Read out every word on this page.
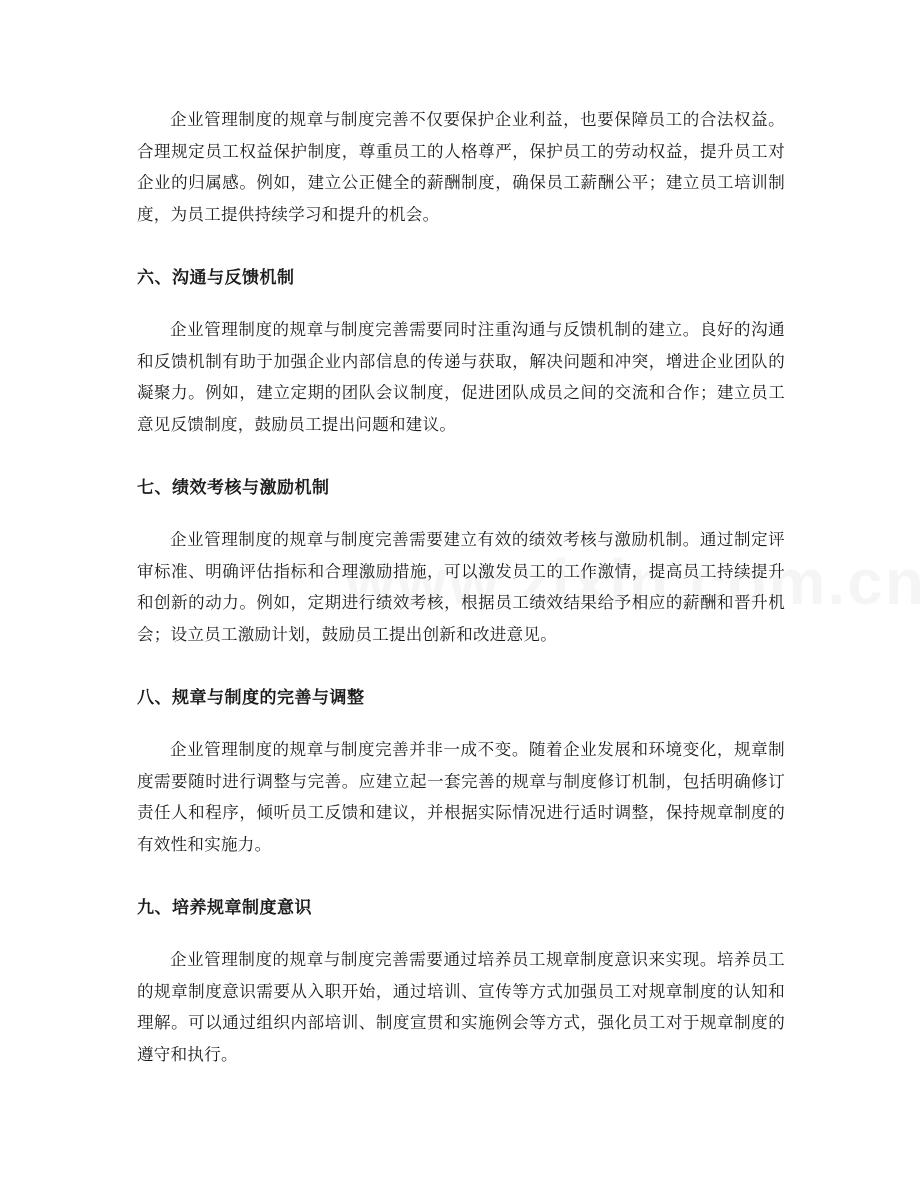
企业管理制度的规章与制度完善不仅要保护企业利益，也要保障员工的合法权益。合理规定员工权益保护制度，尊重员工的人格尊严，保护员工的劳动权益，提升员工对企业的归属感。例如，建立公正健全的薪酬制度，确保员工薪酬公平；建立员工培训制度，为员工提供持续学习和提升的机会。

六、沟通与反馈机制

企业管理制度的规章与制度完善需要同时注重沟通与反馈机制的建立。良好的沟通和反馈机制有助于加强企业内部信息的传递与获取，解决问题和冲突，增进企业团队的凝聚力。例如，建立定期的团队会议制度，促进团队成员之间的交流和合作；建立员工意见反馈制度，鼓励员工提出问题和建议。

七、绩效考核与激励机制

企业管理制度的规章与制度完善需要建立有效的绩效考核与激励机制。通过制定评审标准、明确评估指标和合理激励措施，可以激发员工的工作激情，提高员工持续提升和创新的动力。例如，定期进行绩效考核，根据员工绩效结果给予相应的薪酬和晋升机会；设立员工激励计划，鼓励员工提出创新和改进意见。

八、规章与制度的完善与调整

企业管理制度的规章与制度完善并非一成不变。随着企业发展和环境变化，规章制度需要随时进行调整与完善。应建立起一套完善的规章与制度修订机制，包括明确修订责任人和程序，倾听员工反馈和建议，并根据实际情况进行适时调整，保持规章制度的有效性和实施力。

九、培养规章制度意识

企业管理制度的规章与制度完善需要通过培养员工规章制度意识来实现。培养员工的规章制度意识需要从入职开始，通过培训、宣传等方式加强员工对规章制度的认知和理解。可以通过组织内部培训、制度宣贯和实施例会等方式，强化员工对于规章制度的遵守和执行。
